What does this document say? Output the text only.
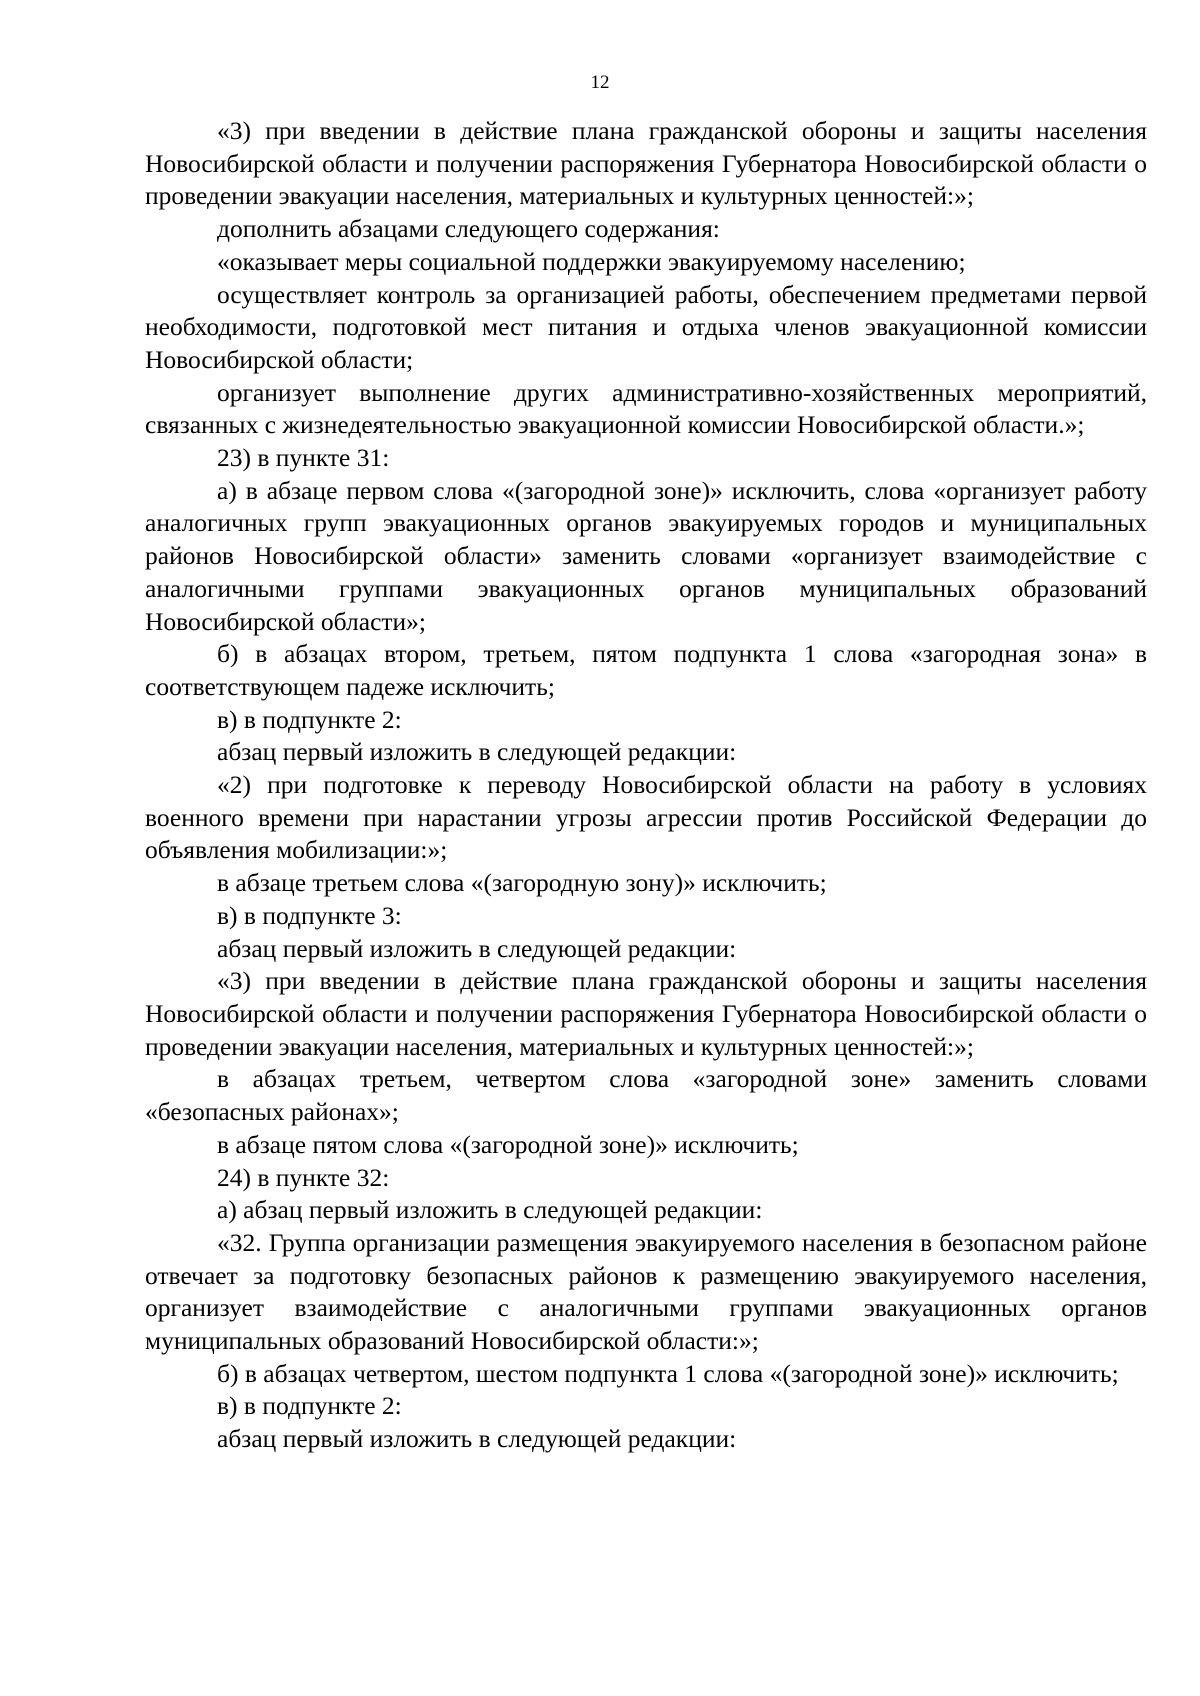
12

«3) при введении в действие плана гражданской обороны и защиты населения Новосибирской области и получении распоряжения Губернатора Новосибирской области о проведении эвакуации населения, материальных и культурных ценностей:»;

дополнить абзацами следующего содержания:

«оказывает меры социальной поддержки эвакуируемому населению;

осуществляет контроль за организацией работы, обеспечением предметами первой необходимости, подготовкой мест питания и отдыха членов эвакуационной комиссии Новосибирской области;

организует выполнение других административно-хозяйственных мероприятий, связанных с жизнедеятельностью эвакуационной комиссии Новосибирской области.»;

23) в пункте 31:

а) в абзаце первом слова «(загородной зоне)» исключить, слова «организует работу аналогичных групп эвакуационных органов эвакуируемых городов и муниципальных районов Новосибирской области» заменить словами «организует взаимодействие с аналогичными группами эвакуационных органов муниципальных образований Новосибирской области»;

б) в абзацах втором, третьем, пятом подпункта 1 слова «загородная зона» в соответствующем падеже исключить;

в) в подпункте 2:

абзац первый изложить в следующей редакции:

«2) при подготовке к переводу Новосибирской области на работу в условиях военного времени при нарастании угрозы агрессии против Российской Федерации до объявления мобилизации:»;

в абзаце третьем слова «(загородную зону)» исключить;

в) в подпункте 3:

абзац первый изложить в следующей редакции:

«3) при введении в действие плана гражданской обороны и защиты населения Новосибирской области и получении распоряжения Губернатора Новосибирской области о проведении эвакуации населения, материальных и культурных ценностей:»;

в абзацах третьем, четвертом слова «загородной зоне» заменить словами «безопасных районах»;

в абзаце пятом слова «(загородной зоне)» исключить;

24) в пункте 32:

а) абзац первый изложить в следующей редакции:

«32. Группа организации размещения эвакуируемого населения в безопасном районе отвечает за подготовку безопасных районов к размещению эвакуируемого населения, организует взаимодействие с аналогичными группами эвакуационных органов муниципальных образований Новосибирской области:»;

б) в абзацах четвертом, шестом подпункта 1 слова «(загородной зоне)» исключить;

в) в подпункте 2:

абзац первый изложить в следующей редакции:
